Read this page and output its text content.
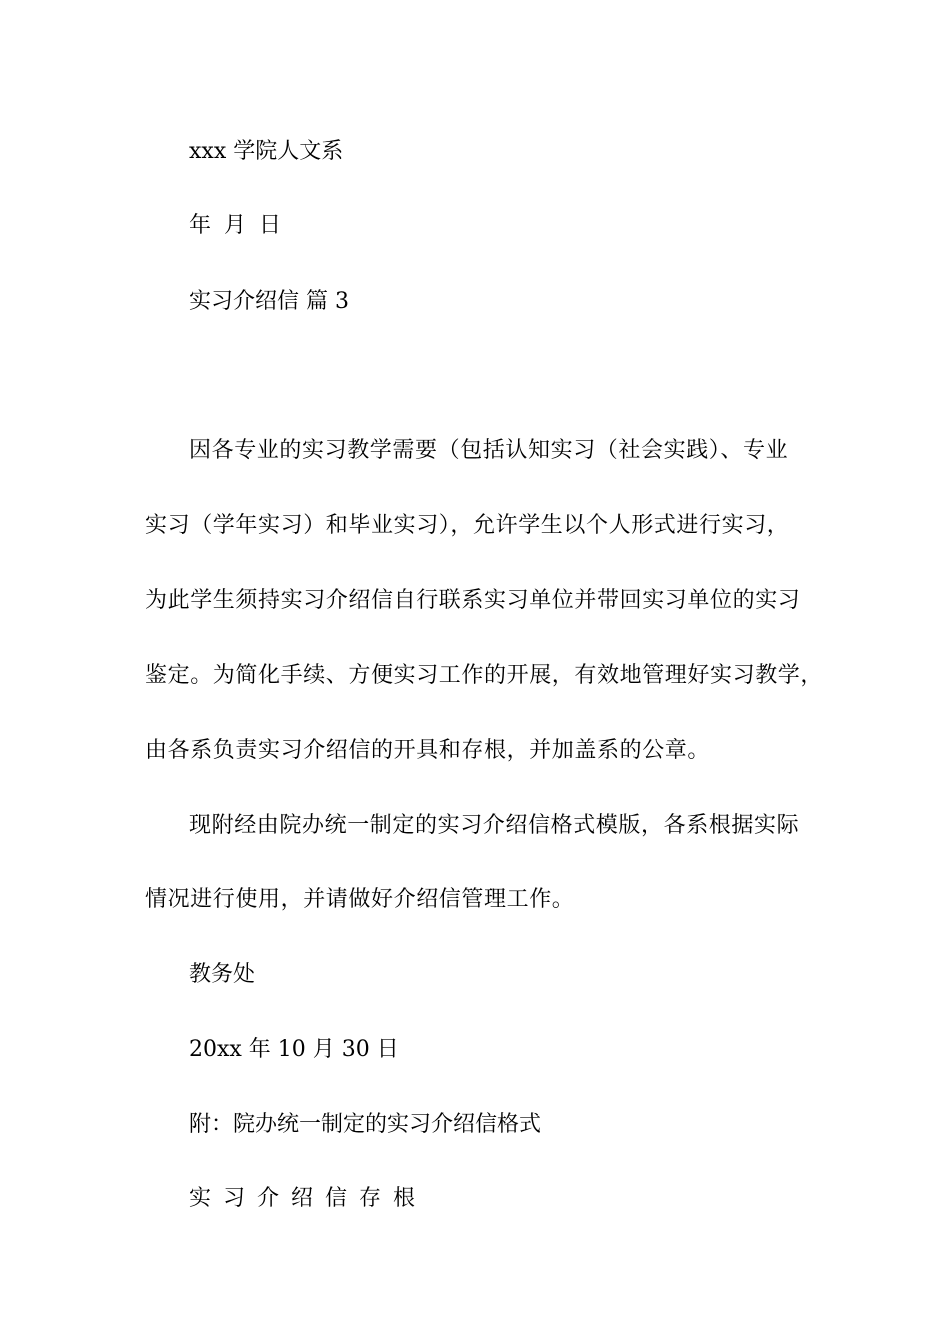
xxx 学院人文系
年 月 日
实习介绍信 篇 3
因各专业的实习教学需要（包括认知实习（社会实践）、专业
实习（学年实习）和毕业实习），允许学生以个人形式进行实习，
为此学生须持实习介绍信自行联系实习单位并带回实习单位的实习
鉴定。为简化手续、方便实习工作的开展，有效地管理好实习教学，
由各系负责实习介绍信的开具和存根，并加盖系的公章。
现附经由院办统一制定的实习介绍信格式模版，各系根据实际
情况进行使用，并请做好介绍信管理工作。
教务处
20xx 年 10 月 30 日
附：院办统一制定的实习介绍信格式
实习介绍信存根
